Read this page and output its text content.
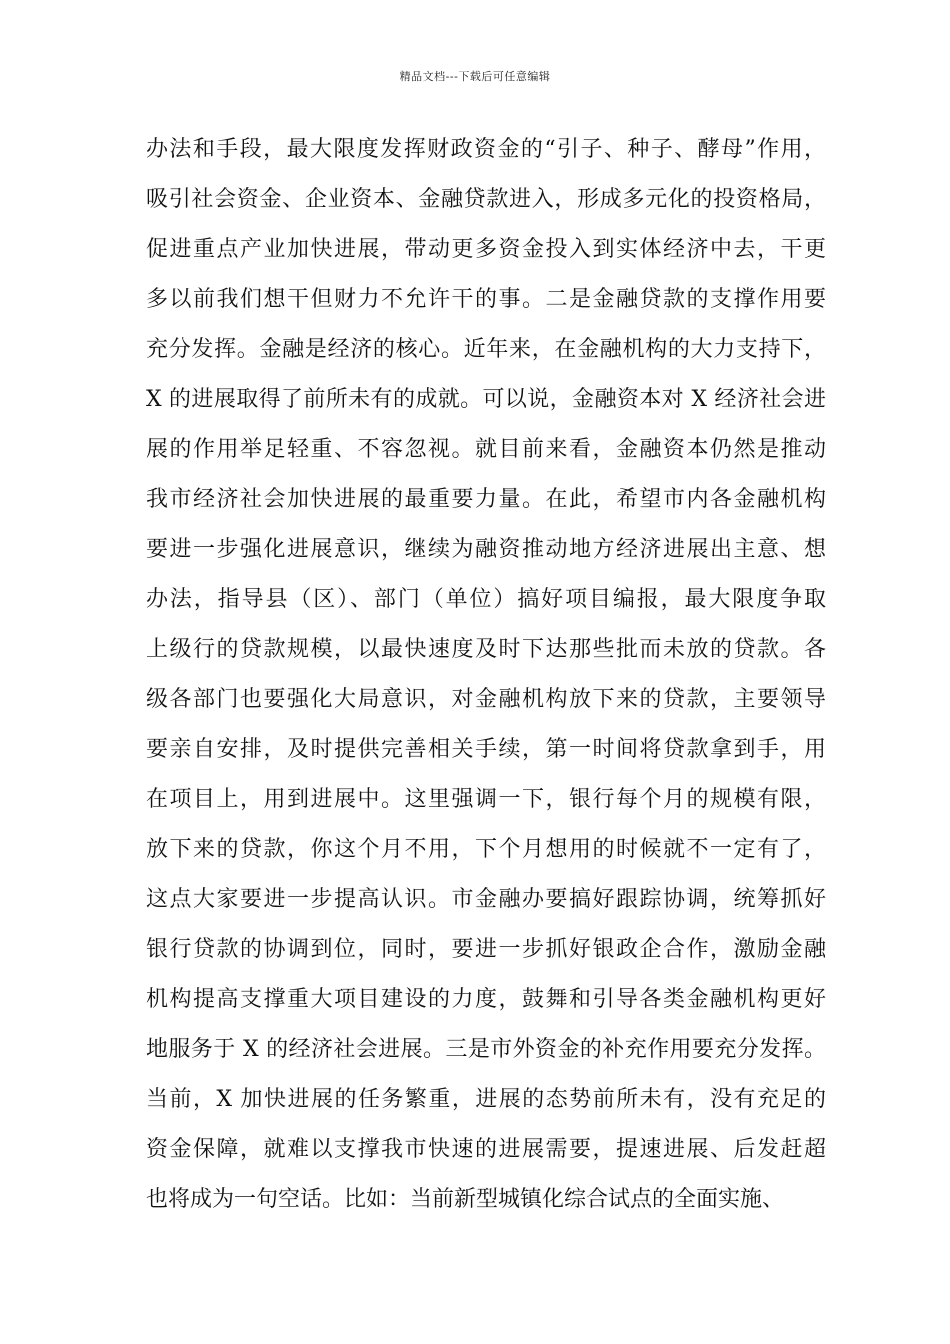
精品文档---下载后可任意编辑
办法和手段，最大限度发挥财政资金的“引子、种子、酵母”作用，
吸引社会资金、企业资本、金融贷款进入，形成多元化的投资格局，
促进重点产业加快进展，带动更多资金投入到实体经济中去，干更
多以前我们想干但财力不允许干的事。二是金融贷款的支撑作用要
充分发挥。金融是经济的核心。近年来，在金融机构的大力支持下，
X 的进展取得了前所未有的成就。可以说，金融资本对 X 经济社会进
展的作用举足轻重、不容忽视。就目前来看，金融资本仍然是推动
我市经济社会加快进展的最重要力量。在此，希望市内各金融机构
要进一步强化进展意识，继续为融资推动地方经济进展出主意、想
办法，指导县（区）、部门（单位）搞好项目编报，最大限度争取
上级行的贷款规模，以最快速度及时下达那些批而未放的贷款。各
级各部门也要强化大局意识，对金融机构放下来的贷款，主要领导
要亲自安排，及时提供完善相关手续，第一时间将贷款拿到手，用
在项目上，用到进展中。这里强调一下，银行每个月的规模有限，
放下来的贷款，你这个月不用，下个月想用的时候就不一定有了，
这点大家要进一步提高认识。市金融办要搞好跟踪协调，统筹抓好
银行贷款的协调到位，同时，要进一步抓好银政企合作，激励金融
机构提高支撑重大项目建设的力度，鼓舞和引导各类金融机构更好
地服务于 X 的经济社会进展。三是市外资金的补充作用要充分发挥。
当前，X 加快进展的任务繁重，进展的态势前所未有，没有充足的
资金保障，就难以支撑我市快速的进展需要，提速进展、后发赶超
也将成为一句空话。比如：当前新型城镇化综合试点的全面实施、
